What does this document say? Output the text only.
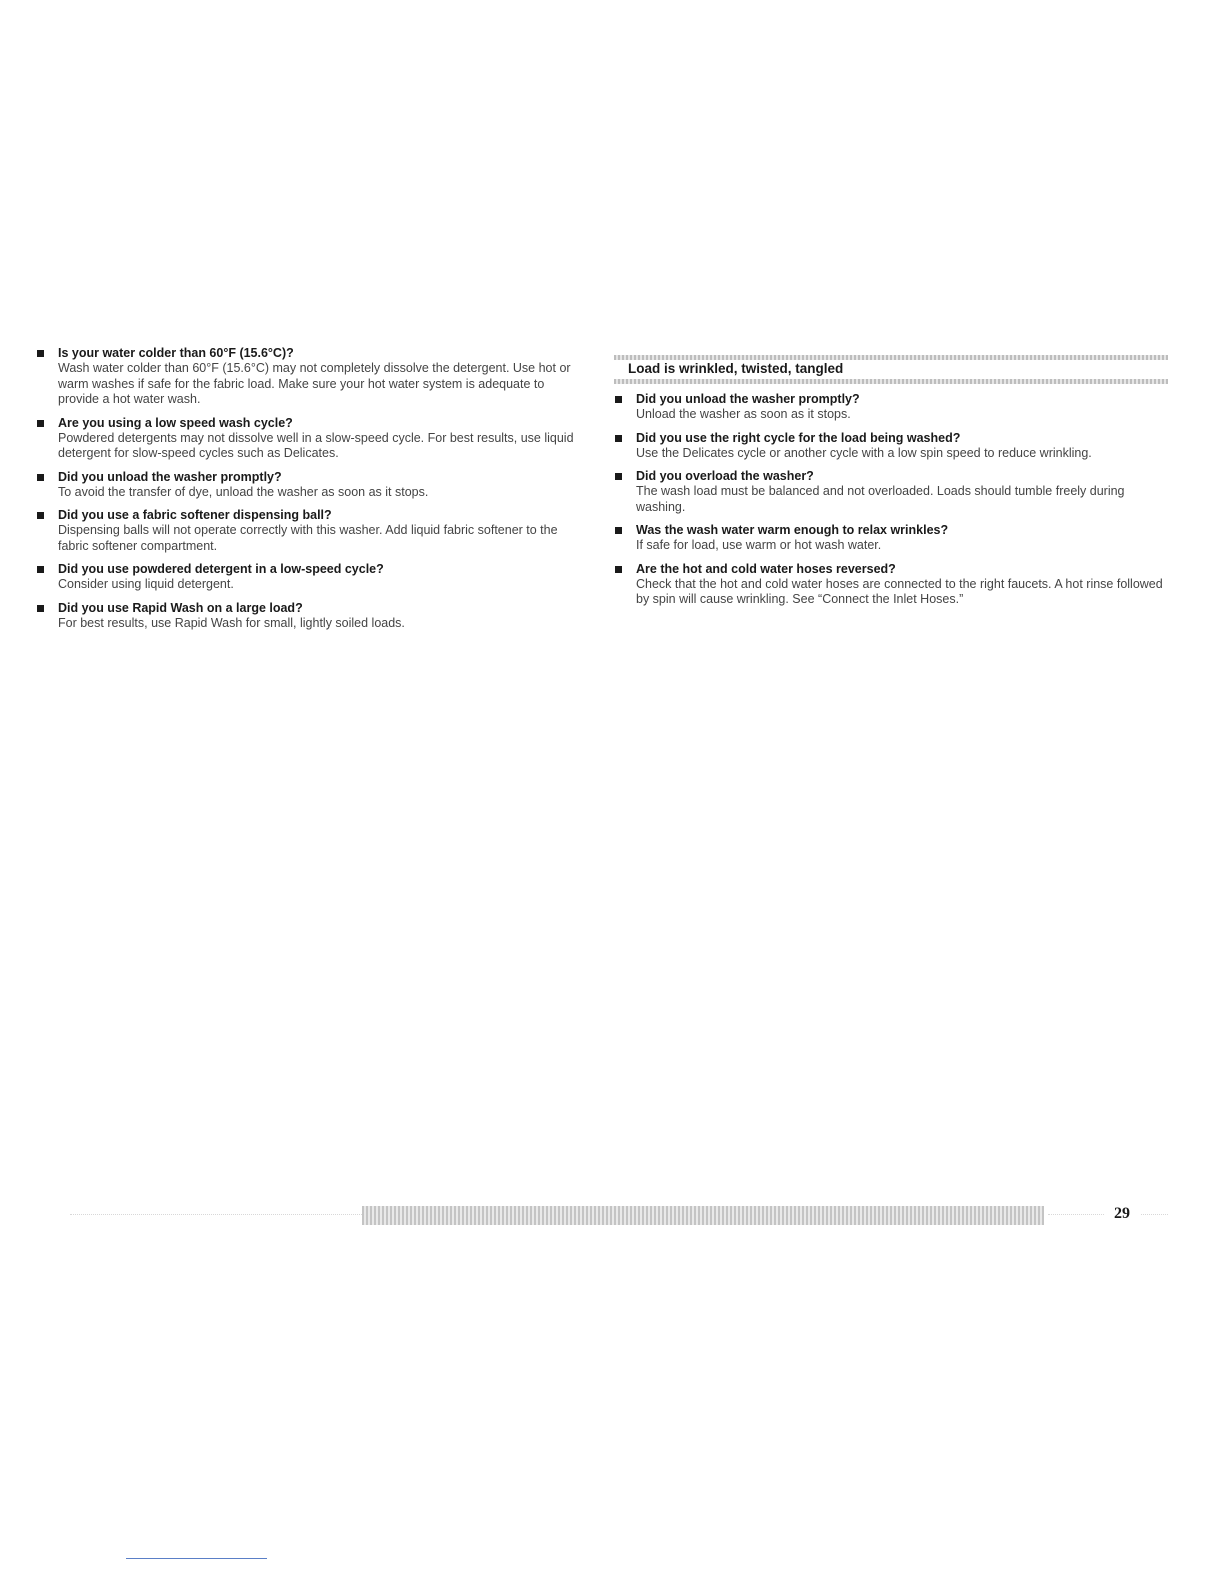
Is your water colder than 60°F (15.6°C)?
Wash water colder than 60°F (15.6°C) may not completely dissolve the detergent. Use hot or warm washes if safe for the fabric load. Make sure your hot water system is adequate to provide a hot water wash.
Are you using a low speed wash cycle?
Powdered detergents may not dissolve well in a slow-speed cycle. For best results, use liquid detergent for slow-speed cycles such as Delicates.
Did you unload the washer promptly?
To avoid the transfer of dye, unload the washer as soon as it stops.
Did you use a fabric softener dispensing ball?
Dispensing balls will not operate correctly with this washer. Add liquid fabric softener to the fabric softener compartment.
Did you use powdered detergent in a low-speed cycle?
Consider using liquid detergent.
Did you use Rapid Wash on a large load?
For best results, use Rapid Wash for small, lightly soiled loads.
Load is wrinkled, twisted, tangled
Did you unload the washer promptly?
Unload the washer as soon as it stops.
Did you use the right cycle for the load being washed?
Use the Delicates cycle or another cycle with a low spin speed to reduce wrinkling.
Did you overload the washer?
The wash load must be balanced and not overloaded. Loads should tumble freely during washing.
Was the wash water warm enough to relax wrinkles?
If safe for load, use warm or hot wash water.
Are the hot and cold water hoses reversed?
Check that the hot and cold water hoses are connected to the right faucets. A hot rinse followed by spin will cause wrinkling. See “Connect the Inlet Hoses.”
29
